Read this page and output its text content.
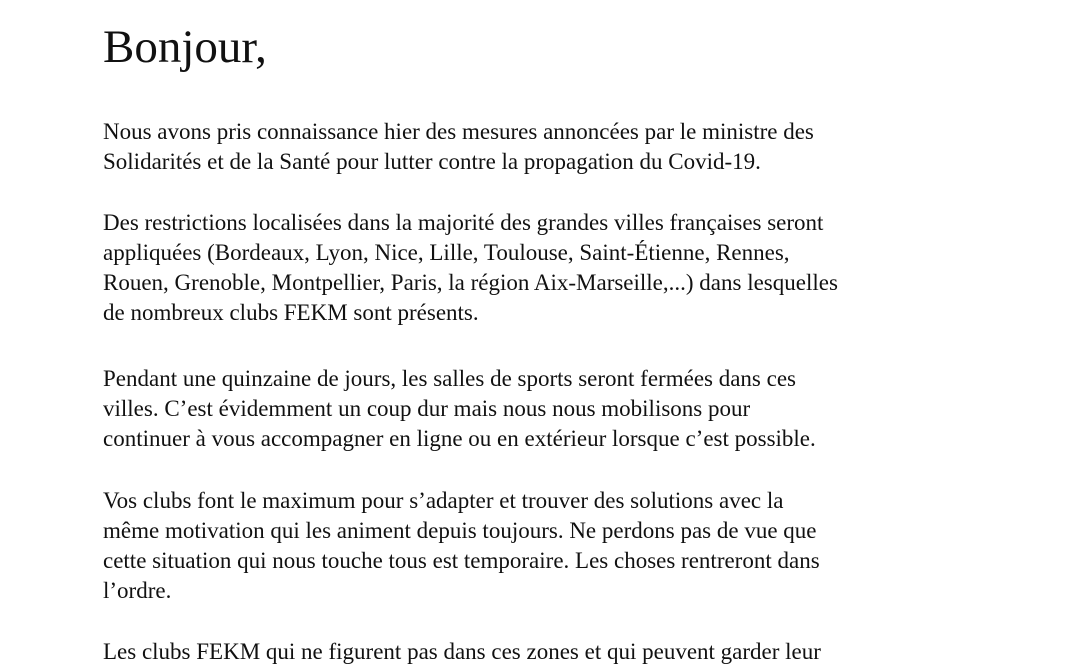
Bonjour,

Nous avons pris connaissance hier des mesures annoncées par le ministre des
Solidarités et de la Santé pour lutter contre la propagation du Covid-19.

Des restrictions localisées dans la majorité des grandes villes françaises seront
appliquées (Bordeaux, Lyon, Nice, Lille, Toulouse, Saint-Étienne, Rennes,
Rouen, Grenoble, Montpellier, Paris, la région Aix-Marseille,...) dans lesquelles
de nombreux clubs FEKM sont présents.

Pendant une quinzaine de jours, les salles de sports seront fermées dans ces
villes. C’est évidemment un coup dur mais nous nous mobilisons pour
continuer à vous accompagner en ligne ou en extérieur lorsque c’est possible.

Vos clubs font le maximum pour s’adapter et trouver des solutions avec la
même motivation qui les animent depuis toujours. Ne perdons pas de vue que
cette situation qui nous touche tous est temporaire. Les choses rentreront dans
l’ordre.

Les clubs FEKM qui ne figurent pas dans ces zones et qui peuvent garder leur
